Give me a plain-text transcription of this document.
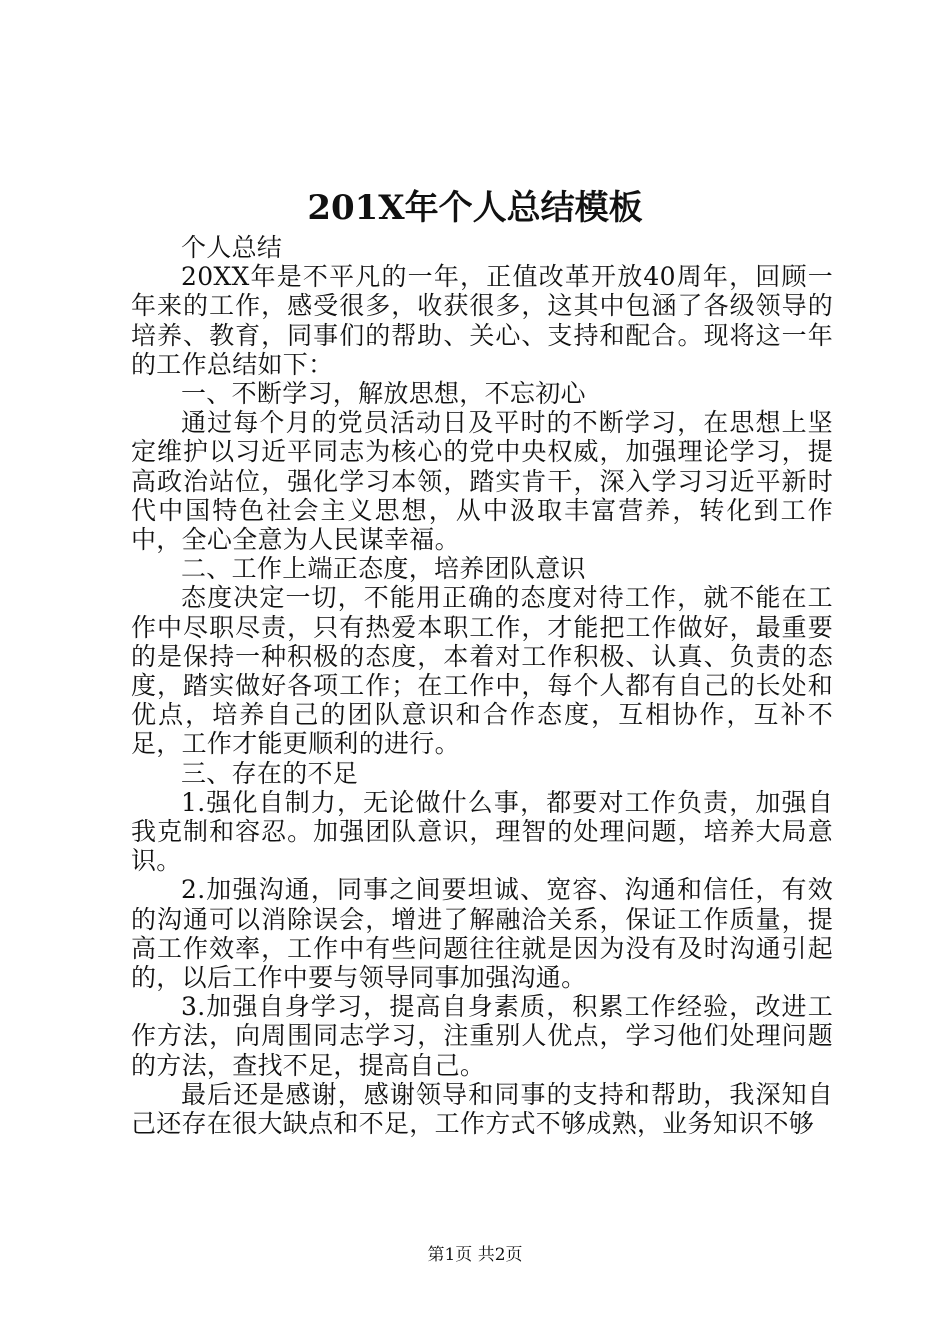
201X年个人总结模板

个人总结

20XX年是不平凡的一年，正值改革开放40周年，回顾一年来的工作，感受很多，收获很多，这其中包涵了各级领导的培养、教育，同事们的帮助、关心、支持和配合。现将这一年的工作总结如下：

一、不断学习，解放思想，不忘初心

通过每个月的党员活动日及平时的不断学习，在思想上坚定维护以习近平同志为核心的党中央权威，加强理论学习，提高政治站位，强化学习本领，踏实肯干，深入学习习近平新时代中国特色社会主义思想，从中汲取丰富营养，转化到工作中，全心全意为人民谋幸福。

二、工作上端正态度，培养团队意识

态度决定一切，不能用正确的态度对待工作，就不能在工作中尽职尽责，只有热爱本职工作，才能把工作做好，最重要的是保持一种积极的态度，本着对工作积极、认真、负责的态度，踏实做好各项工作；在工作中，每个人都有自己的长处和优点，培养自己的团队意识和合作态度，互相协作，互补不足，工作才能更顺利的进行。

三、存在的不足

1.强化自制力，无论做什么事，都要对工作负责，加强自我克制和容忍。加强团队意识，理智的处理问题，培养大局意识。

2.加强沟通，同事之间要坦诚、宽容、沟通和信任，有效的沟通可以消除误会，增进了解融洽关系，保证工作质量，提高工作效率，工作中有些问题往往就是因为没有及时沟通引起的，以后工作中要与领导同事加强沟通。

3.加强自身学习，提高自身素质，积累工作经验，改进工作方法，向周围同志学习，注重别人优点，学习他们处理问题的方法，查找不足，提高自己。

最后还是感谢，感谢领导和同事的支持和帮助，我深知自己还存在很大缺点和不足，工作方式不够成熟，业务知识不够

第1页 共2页
